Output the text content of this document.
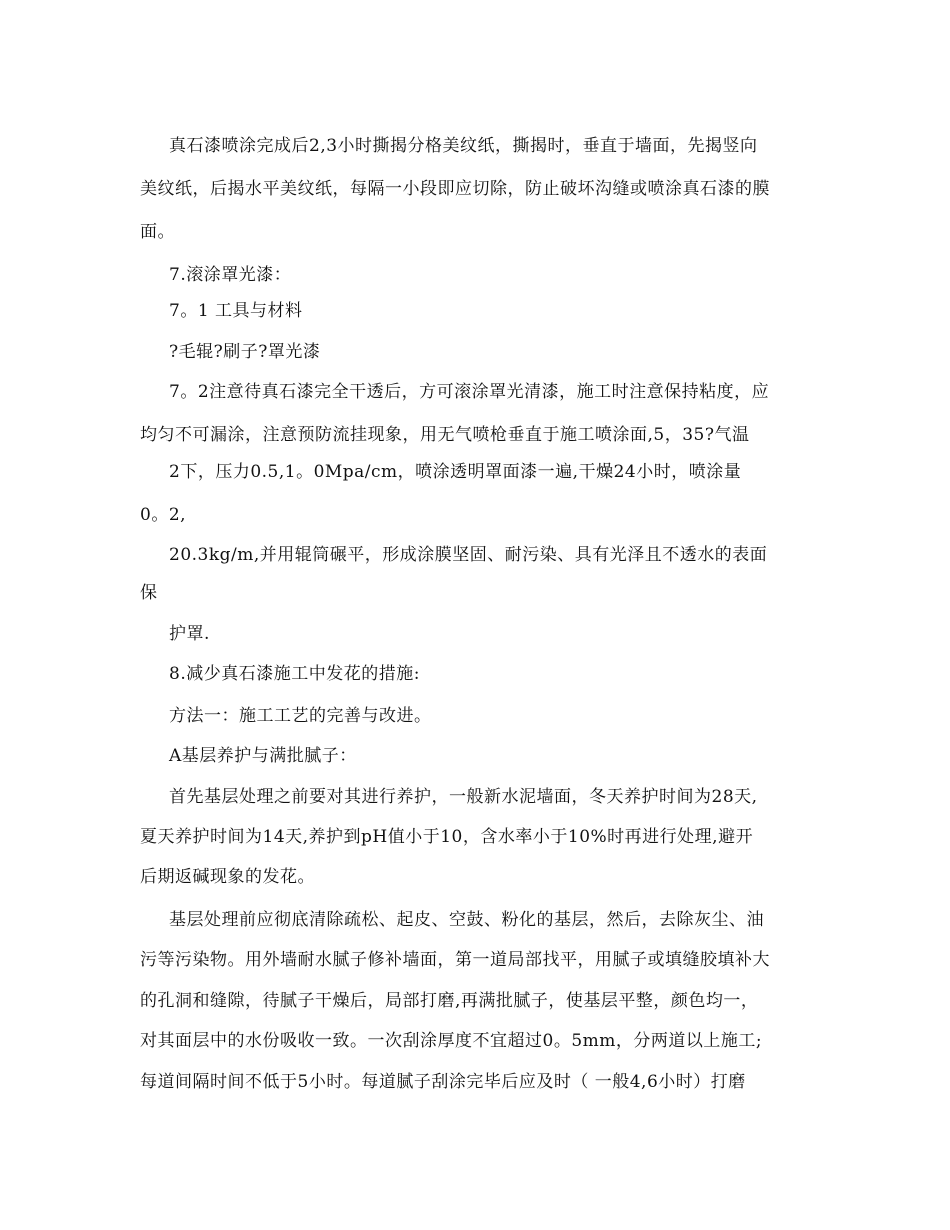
真石漆喷涂完成后2,3小时撕揭分格美纹纸，撕揭时，垂直于墙面，先揭竖向

美纹纸，后揭水平美纹纸，每隔一小段即应切除，防止破坏沟缝或喷涂真石漆的膜

面。

7.滚涂罩光漆：

7。1 工具与材料

?毛辊?刷子?罩光漆

7。2注意待真石漆完全干透后，方可滚涂罩光清漆，施工时注意保持粘度，应

均匀不可漏涂，注意预防流挂现象，用无气喷枪垂直于施工喷涂面,5，35?气温

2下，压力0.5,1。0Mpa/cm，喷涂透明罩面漆一遍,干燥24小时，喷涂量

0。2,

20.3kg/m,并用辊筒碾平，形成涂膜坚固、耐污染、具有光泽且不透水的表面

保

护罩.

8.减少真石漆施工中发花的措施:

方法一：施工工艺的完善与改进。

A基层养护与满批腻子：

首先基层处理之前要对其进行养护，一般新水泥墙面，冬天养护时间为28天,

夏天养护时间为14天,养护到pH值小于10，含水率小于10%时再进行处理,避开

后期返碱现象的发花。

基层处理前应彻底清除疏松、起皮、空鼓、粉化的基层，然后，去除灰尘、油

污等污染物。用外墙耐水腻子修补墙面，第一道局部找平，用腻子或填缝胶填补大

的孔洞和缝隙，待腻子干燥后，局部打磨,再满批腻子，使基层平整，颜色均一，

对其面层中的水份吸收一致。一次刮涂厚度不宜超过0。5mm，分两道以上施工;

每道间隔时间不低于5小时。每道腻子刮涂完毕后应及时（ 一般4,6小时）打磨
